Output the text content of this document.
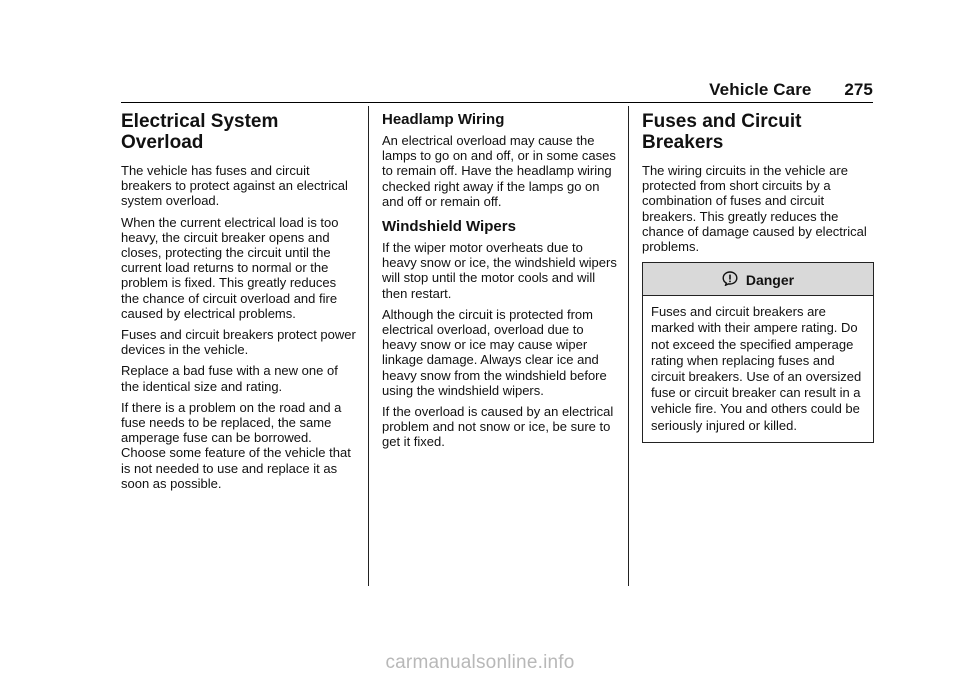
Vehicle Care 275
Electrical System
Overload

The vehicle has fuses and circuit breakers to protect against an electrical system overload.

When the current electrical load is too heavy, the circuit breaker opens and closes, protecting the circuit until the current load returns to normal or the problem is fixed. This greatly reduces the chance of circuit overload and fire caused by electrical problems.

Fuses and circuit breakers protect power devices in the vehicle.

Replace a bad fuse with a new one of the identical size and rating.

If there is a problem on the road and a fuse needs to be replaced, the same amperage fuse can be borrowed. Choose some feature of the vehicle that is not needed to use and replace it as soon as possible.

Headlamp Wiring

An electrical overload may cause the lamps to go on and off, or in some cases to remain off. Have the headlamp wiring checked right away if the lamps go on and off or remain off.

Windshield Wipers

If the wiper motor overheats due to heavy snow or ice, the windshield wipers will stop until the motor cools and will then restart.

Although the circuit is protected from electrical overload, overload due to heavy snow or ice may cause wiper linkage damage. Always clear ice and heavy snow from the windshield before using the windshield wipers.

If the overload is caused by an electrical problem and not snow or ice, be sure to get it fixed.

Fuses and Circuit
Breakers

The wiring circuits in the vehicle are protected from short circuits by a combination of fuses and circuit breakers. This greatly reduces the chance of damage caused by electrical problems.

Danger

Fuses and circuit breakers are marked with their ampere rating. Do not exceed the specified amperage rating when replacing fuses and circuit breakers. Use of an oversized fuse or circuit breaker can result in a vehicle fire. You and others could be seriously injured or killed.

carmanualsonline.info
